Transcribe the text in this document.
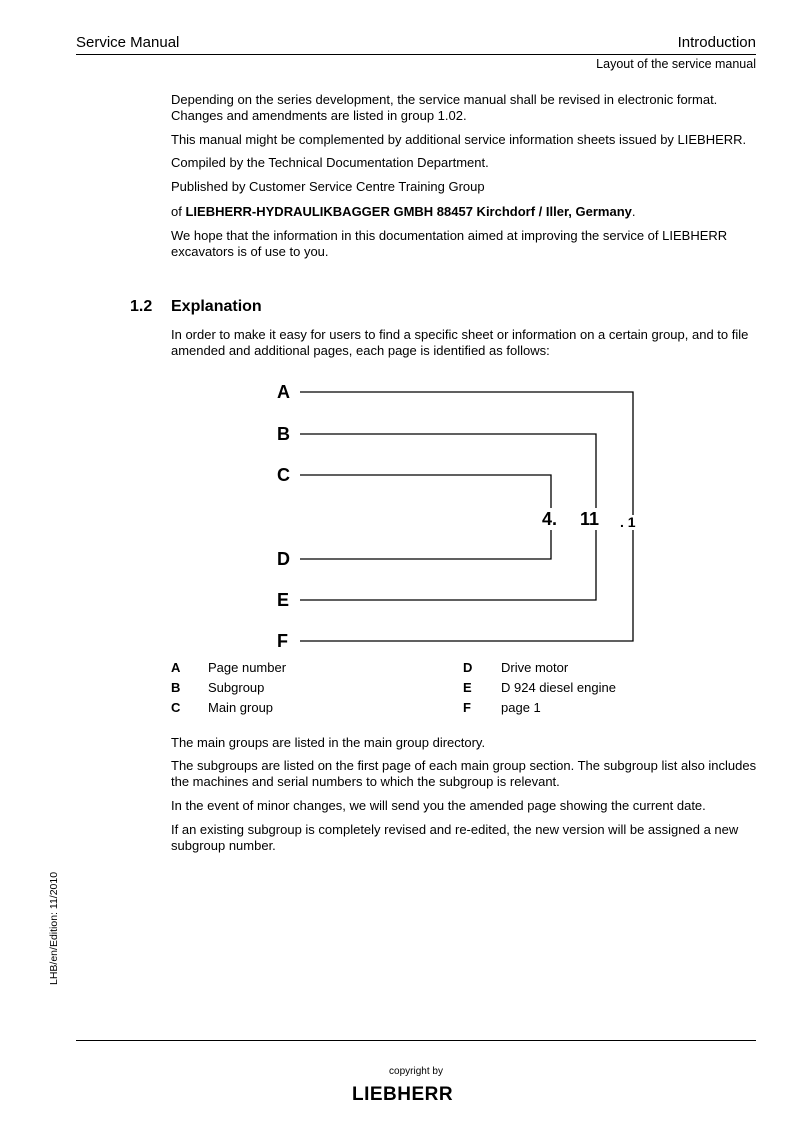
Service Manual	Introduction
Layout of the service manual
Depending on the series development, the service manual shall be revised in electronic format.
Changes and amendments are listed in group 1.02.
This manual might be complemented by additional service information sheets issued by LIEBHERR.
Compiled by the Technical Documentation Department.
Published by Customer Service Centre Training Group
of LIEBHERR-HYDRAULIKBAGGER GMBH 88457 Kirchdorf / Iller, Germany.
We hope that the information in this documentation aimed at improving the service of LIEBHERR
excavators is of use to you.
1.2 Explanation
In order to make it easy for users to find a specific sheet or information on a certain group, and to file
amended and additional pages, each page is identified as follows:
A
B
C
D
E
F
4. 11 . 1
A Page number
B Subgroup
C Main group
D Drive motor
E D 924 diesel engine
F page 1
The main groups are listed in the main group directory.
The subgroups are listed on the first page of each main group section. The subgroup list also includes
the machines and serial numbers to which the subgroup is relevant.
In the event of minor changes, we will send you the amended page showing the current date.
If an existing subgroup is completely revised and re-edited, the new version will be assigned a new
subgroup number.
LHB/en/Edition: 11/2010
copyright by
LIEBHERR
